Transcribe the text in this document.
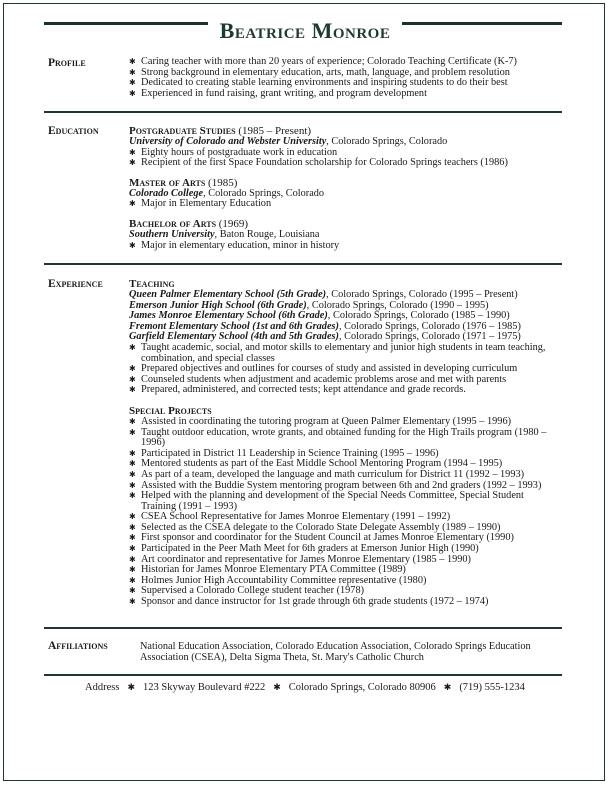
Beatrice Monroe
Profile
✱	Caring teacher with more than 20 years of experience; Colorado Teaching Certificate (K-7)
✱ Strong background in elementary education, arts, math, language, and problem resolution
✱ Dedicated to creating stable learning environments and inspiring students to do their best
✱ Experienced in fund raising, grant writing, and program development
Education	Postgraduate Studies (1985 – Present)
University of Colorado and Webster University, Colorado Springs, Colorado
✱ Eighty hours of postgraduate work in education
✱ Recipient of the first Space Foundation scholarship for Colorado Springs teachers (1986)
Master of Arts (1985)
Colorado College, Colorado Springs, Colorado
✱ Major in Elementary Education
Bachelor of Arts (1969)
Southern University, Baton Rouge, Louisiana
✱ Major in elementary education, minor in history
Experience Teaching
Queen Palmer Elementary School (5th Grade), Colorado Springs, Colorado (1995 – Present)
Emerson Junior High School (6th Grade), Colorado Springs, Colorado (1990 – 1995)
James Monroe Elementary School (6th Grade), Colorado Springs, Colorado (1985 – 1990)
Fremont Elementary School (1st and 6th Grades), Colorado Springs, Colorado (1976 – 1985)
Garfield Elementary School (4th and 5th Grades), Colorado Springs, Colorado (1971 – 1975)
✱ Taught academic, social, and motor skills to elementary and junior high students in team teaching, combination, and special classes
✱ Prepared objectives and outlines for courses of study and assisted in developing curriculum
✱ Counseled students when adjustment and academic problems arose and met with parents
✱ Prepared, administered, and corrected tests; kept attendance and grade records.
Special Projects
✱ Assisted in coordinating the tutoring program at Queen Palmer Elementary (1995 – 1996)
✱ Taught outdoor education, wrote grants, and obtained funding for the High Trails program (1980 – 1996)
✱ Participated in District 11 Leadership in Science Training (1995 – 1996)
✱ Mentored students as part of the East Middle School Mentoring Program (1994 – 1995)
✱ As part of a team, developed the language and math curriculum for District 11 (1992 – 1993)
✱ Assisted with the Buddie System mentoring program between 6th and 2nd graders (1992 – 1993)
✱ Helped with the planning and development of the Special Needs Committee, Special Student Training (1991 – 1993)
✱ CSEA School Representative for James Monroe Elementary (1991 – 1992)
✱ Selected as the CSEA delegate to the Colorado State Delegate Assembly (1989 – 1990)
✱ First sponsor and coordinator for the Student Council at James Monroe Elementary (1990)
✱ Participated in the Peer Math Meet for 6th graders at Emerson Junior High (1990)
✱ Art coordinator and representative for James Monroe Elementary (1985 – 1990)
✱ Historian for James Monroe Elementary PTA Committee (1989)
✱ Holmes Junior High Accountability Committee representative (1980)
✱ Supervised a Colorado College student teacher (1978)
✱ Sponsor and dance instructor for 1st grade through 6th grade students (1972 – 1974)
Affiliations	National Education Association, Colorado Education Association, Colorado Springs Education Association (CSEA), Delta Sigma Theta, St. Mary's Catholic Church
Address ✱ 123 Skyway Boulevard #222 ✱ Colorado Springs, Colorado 80906 ✱ (719) 555-1234
